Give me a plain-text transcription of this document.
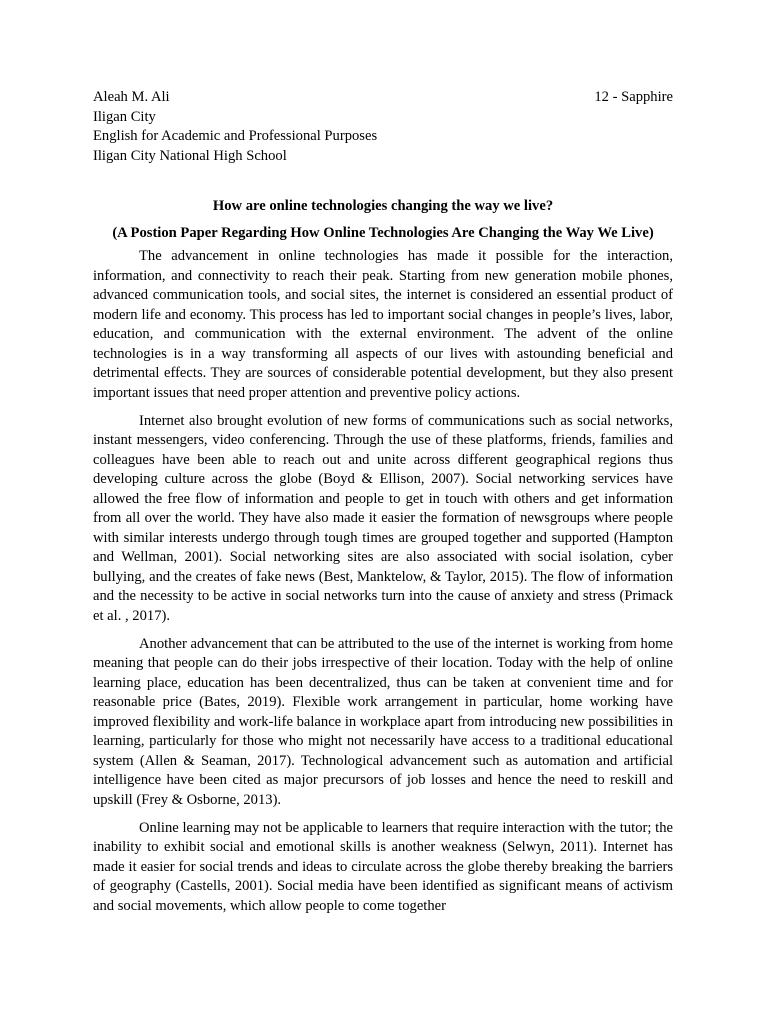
Aleah M. Ali	12 - Sapphire
Iligan City
English for Academic and Professional Purposes
Iligan City National High School
How are online technologies changing the way we live?
(A Postion Paper Regarding How Online Technologies Are Changing the Way We Live)

The advancement in online technologies has made it possible for the interaction, information, and connectivity to reach their peak. Starting from new generation mobile phones, advanced communication tools, and social sites, the internet is considered an essential product of modern life and economy. This process has led to important social changes in people’s lives, labor, education, and communication with the external environment. The advent of the online technologies is in a way transforming all aspects of our lives with astounding beneficial and detrimental effects. They are sources of considerable potential development, but they also present important issues that need proper attention and preventive policy actions.

Internet also brought evolution of new forms of communications such as social networks, instant messengers, video conferencing. Through the use of these platforms, friends, families and colleagues have been able to reach out and unite across different geographical regions thus developing culture across the globe (Boyd & Ellison, 2007). Social networking services have allowed the free flow of information and people to get in touch with others and get information from all over the world. They have also made it easier the formation of newsgroups where people with similar interests undergo through tough times are grouped together and supported (Hampton and Wellman, 2001). Social networking sites are also associated with social isolation, cyber bullying, and the creates of fake news (Best, Manktelow, & Taylor, 2015). The flow of information and the necessity to be active in social networks turn into the cause of anxiety and stress (Primack et al. , 2017).

Another advancement that can be attributed to the use of the internet is working from home meaning that people can do their jobs irrespective of their location. Today with the help of online learning place, education has been decentralized, thus can be taken at convenient time and for reasonable price (Bates, 2019). Flexible work arrangement in particular, home working have improved flexibility and work-life balance in workplace apart from introducing new possibilities in learning, particularly for those who might not necessarily have access to a traditional educational system (Allen & Seaman, 2017). Technological advancement such as automation and artificial intelligence have been cited as major precursors of job losses and hence the need to reskill and upskill (Frey & Osborne, 2013).

Online learning may not be applicable to learners that require interaction with the tutor; the inability to exhibit social and emotional skills is another weakness (Selwyn, 2011). Internet has made it easier for social trends and ideas to circulate across the globe thereby breaking the barriers of geography (Castells, 2001). Social media have been identified as significant means of activism and social movements, which allow people to come together
